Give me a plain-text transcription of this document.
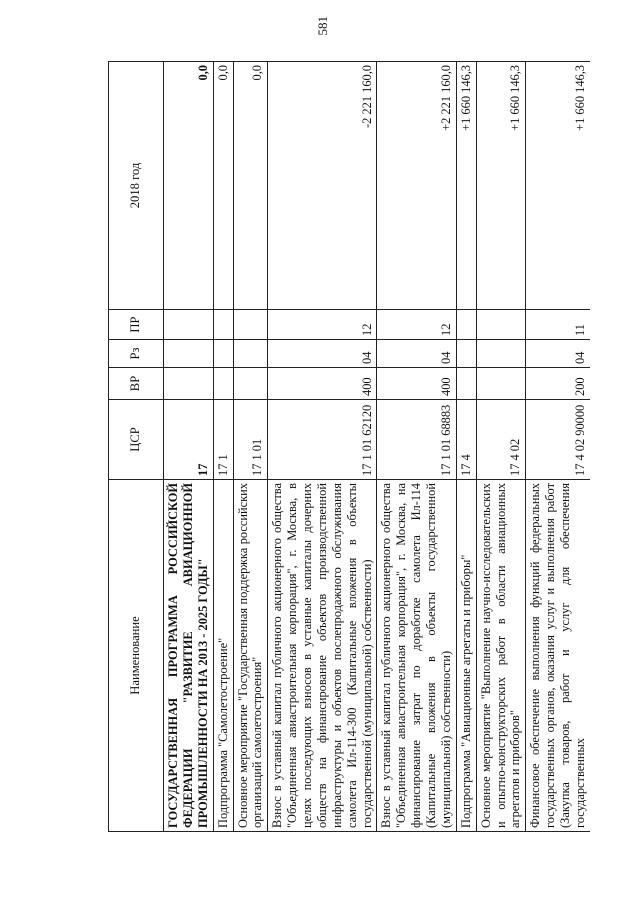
581
Наименование	ЦСР	ВР	Рз	ПР	2018 год
ГОСУДАРСТВЕННАЯ ПРОГРАММА РОССИЙСКОЙ ФЕДЕРАЦИИ "РАЗВИТИЕ АВИАЦИОННОЙ ПРОМЫШЛЕННОСТИ НА 2013 - 2025 ГОДЫ"	17				0,0
Подпрограмма "Самолетостроение"	17 1				0,0
Основное мероприятие "Государственная поддержка российских организаций самолетостроения"	17 1 01				0,0
Взнос в уставный капитал публичного акционерного общества "Объединенная авиастроительная корпорация", г. Москва, в целях последующих взносов в уставные капиталы дочерних обществ на финансирование объектов производственной инфраструктуры и объектов послепродажного обслуживания самолета Ил-114-300 (Капитальные вложения в объекты государственной (муниципальной) собственности)	17 1 01 62120	400	04	12	-2 221 160,0
Взнос в уставный капитал публичного акционерного общества "Объединенная авиастроительная корпорация", г. Москва, на финансирование затрат по доработке самолета Ил-114 (Капитальные вложения в объекты государственной (муниципальной) собственности)	17 1 01 68883	400	04	12	+2 221 160,0
Подпрограмма "Авиационные агрегаты и приборы"	17 4				+1 660 146,3
Основное мероприятие "Выполнение научно-исследовательских и опытно-конструкторских работ в области авиационных агрегатов и приборов"	17 4 02				+1 660 146,3
Финансовое обеспечение выполнения функций федеральных государственных органов, оказания услуг и выполнения работ (Закупка товаров, работ и услуг для обеспечения государственных	17 4 02 90000	200	04	11	+1 660 146,3
